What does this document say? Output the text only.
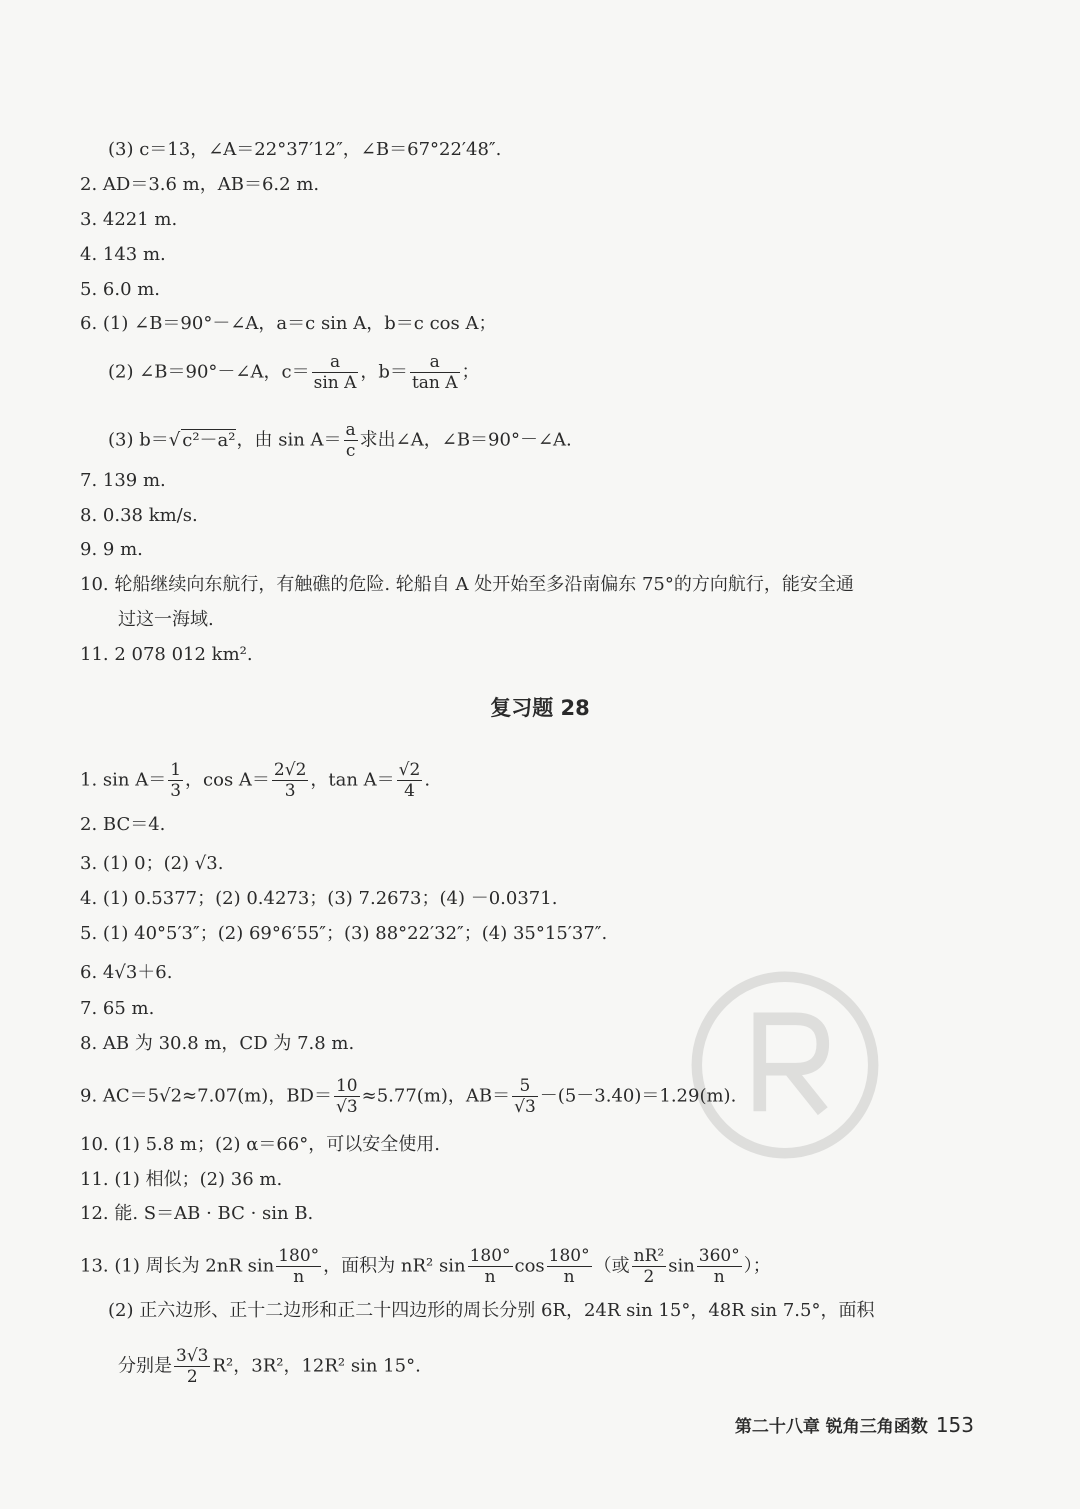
(3) c＝13，∠A＝22°37′12″，∠B＝67°22′48″.
2. AD＝3.6 m，AB＝6.2 m.
3. 4221 m.
4. 143 m.
5. 6.0 m.
6. (1) ∠B＝90°－∠A，a＝c sin A，b＝c cos A；
(2) ∠B＝90°－∠A，$c= \frac{a}{\text{sin A}}$ ，$b= \frac{a}{\text{tan A}}$ ；
(3) b＝√ c²－a²，由 $\sin A= \frac{a}{c}$ 求出∠A，∠B＝90°－∠A.
7. 139 m.
8. 0.38 km/s.
9. 9 m.
10. 轮船继续向东航行，有触礁的危险. 轮船自 A 处开始至多沿南偏东 75°的方向航行，能安全通
过这一海域.
11. 2 078 012 km².
复习题 28
1. $\sin A= \frac{1}{3}$ ，$\cos A= \frac{2√2}{3}$ ，$\tan A= \frac{√2}{4}$ .
2. BC＝4.
3. (1) 0；(2) √3.
4. (1) 0.5377；(2) 0.4273；(3) 7.2673；(4) －0.0371.
5. (1) 40°5′3″；(2) 69°6′55″；(3) 88°22′32″；(4) 35°15′37″.
6. 4√3＋6.
7. 65 m.
8. AB 为 30.8 m，CD 为 7.8 m.
9. AC＝5√2≈7.07(m)，$BD= \frac{10}{√3} \approx 5.77(m)$，$AB= \frac{5}{√3} -(5-3.40)=1.29(m)$.
10. (1) 5.8 m；(2) α＝66°，可以安全使用.
11. (1) 相似；(2) 36 m.
12. 能. S＝AB · BC · sin B.
13. (1) 周长为 2nR $\sin \frac{180^\circ}{n}$ ，面积为 nR² $\sin \frac{180^\circ}{n}$ $\cos \frac{180^\circ}{n}$ （或 $\frac{\text{nR²}}{2}$ $\sin \frac{360^\circ}{n}$ ）；
(2) 正六边形、正十二边形和正二十四边形的周长分别 6R，24R sin 15°，48R sin 7.5°，面积
分别是 $\frac{3√3}{2} R^2$，3R²，12R² sin 15°.
第二十八章 锐角三角函数 153
